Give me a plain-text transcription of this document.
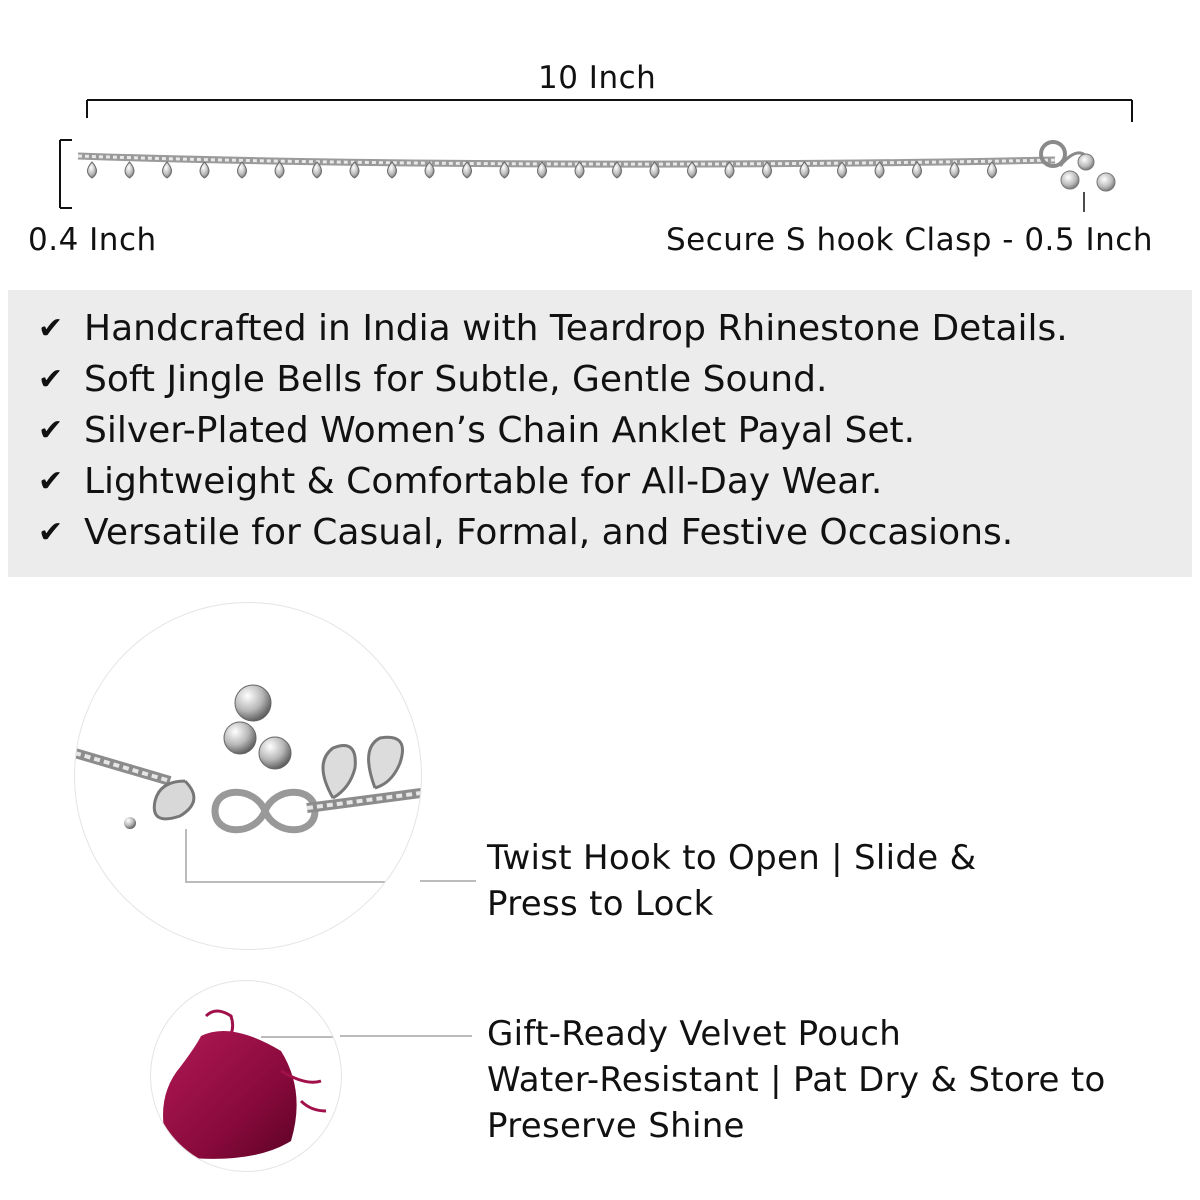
10 Inch
0.4 Inch	Secure S hook Clasp - 0.5 Inch
✔ Handcrafted in India with Teardrop Rhinestone Details.
✔ Soft Jingle Bells for Subtle, Gentle Sound.
✔ Silver-Plated Women’s Chain Anklet Payal Set.
✔ Lightweight & Comfortable for All-Day Wear.
✔ Versatile for Casual, Formal, and Festive Occasions.
Twist Hook to Open | Slide &
Press to Lock
Gift-Ready Velvet Pouch
Water-Resistant | Pat Dry & Store to
Preserve Shine
